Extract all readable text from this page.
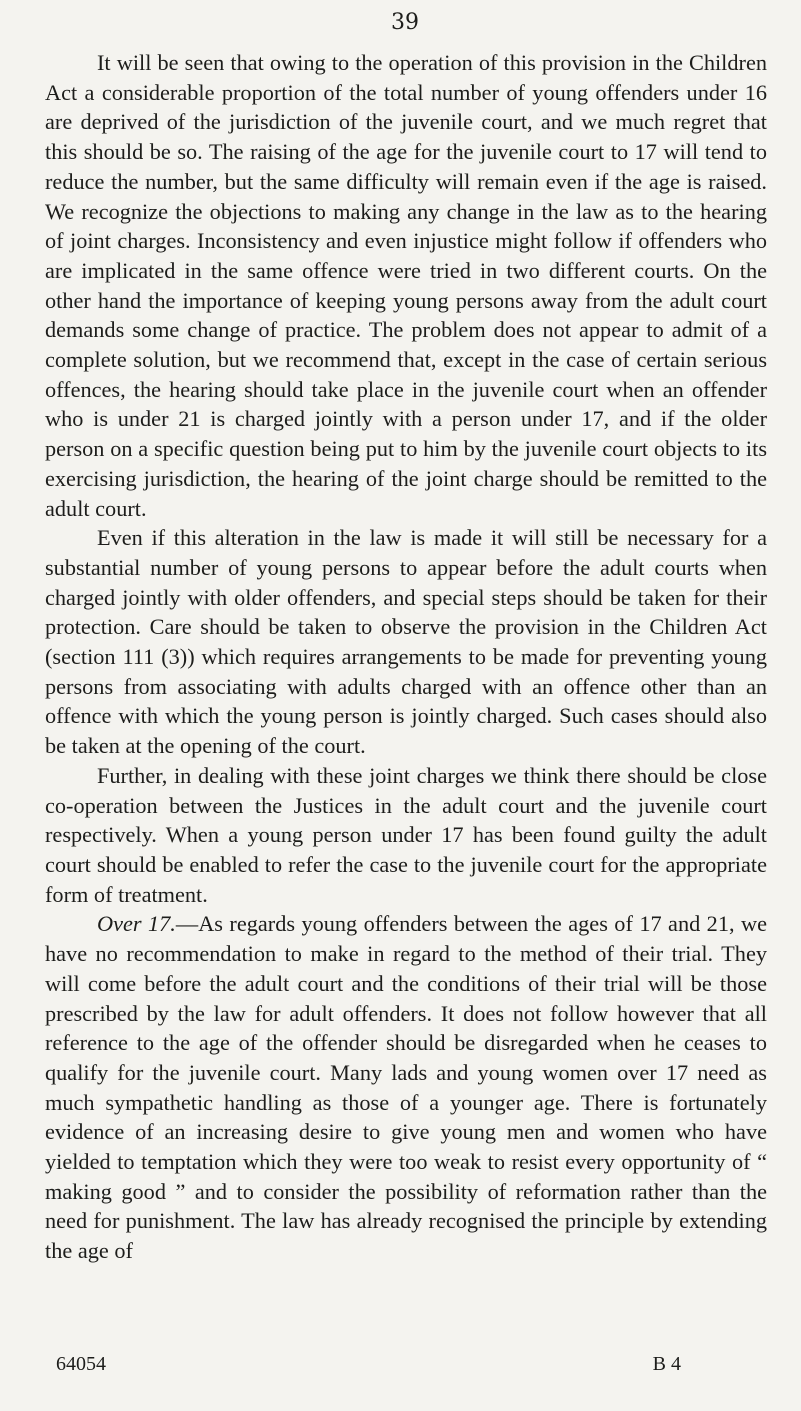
39

It will be seen that owing to the operation of this provision in the Children Act a considerable proportion of the total number of young offenders under 16 are deprived of the jurisdiction of the juvenile court, and we much regret that this should be so. The raising of the age for the juvenile court to 17 will tend to reduce the number, but the same difficulty will remain even if the age is raised. We recognize the objections to making any change in the law as to the hearing of joint charges. Inconsistency and even injustice might follow if offenders who are implicated in the same offence were tried in two different courts. On the other hand the importance of keeping young persons away from the adult court demands some change of practice. The problem does not appear to admit of a complete solution, but we recommend that, except in the case of certain serious offences, the hearing should take place in the juvenile court when an offender who is under 21 is charged jointly with a person under 17, and if the older person on a specific question being put to him by the juvenile court objects to its exercising jurisdiction, the hearing of the joint charge should be remitted to the adult court.

Even if this alteration in the law is made it will still be necessary for a substantial number of young persons to appear before the adult courts when charged jointly with older offenders, and special steps should be taken for their protection. Care should be taken to observe the provision in the Children Act (section 111 (3)) which requires arrangements to be made for preventing young persons from associating with adults charged with an offence other than an offence with which the young person is jointly charged. Such cases should also be taken at the opening of the court.

Further, in dealing with these joint charges we think there should be close co-operation between the Justices in the adult court and the juvenile court respectively. When a young person under 17 has been found guilty the adult court should be enabled to refer the case to the juvenile court for the appropriate form of treatment.

Over 17.—As regards young offenders between the ages of 17 and 21, we have no recommendation to make in regard to the method of their trial. They will come before the adult court and the conditions of their trial will be those prescribed by the law for adult offenders. It does not follow however that all reference to the age of the offender should be disregarded when he ceases to qualify for the juvenile court. Many lads and young women over 17 need as much sympathetic handling as those of a younger age. There is fortunately evidence of an increasing desire to give young men and women who have yielded to temptation which they were too weak to resist every opportunity of “ making good ” and to consider the possibility of reformation rather than the need for punishment. The law has already recognised the principle by extending the age of

64054	B 4
